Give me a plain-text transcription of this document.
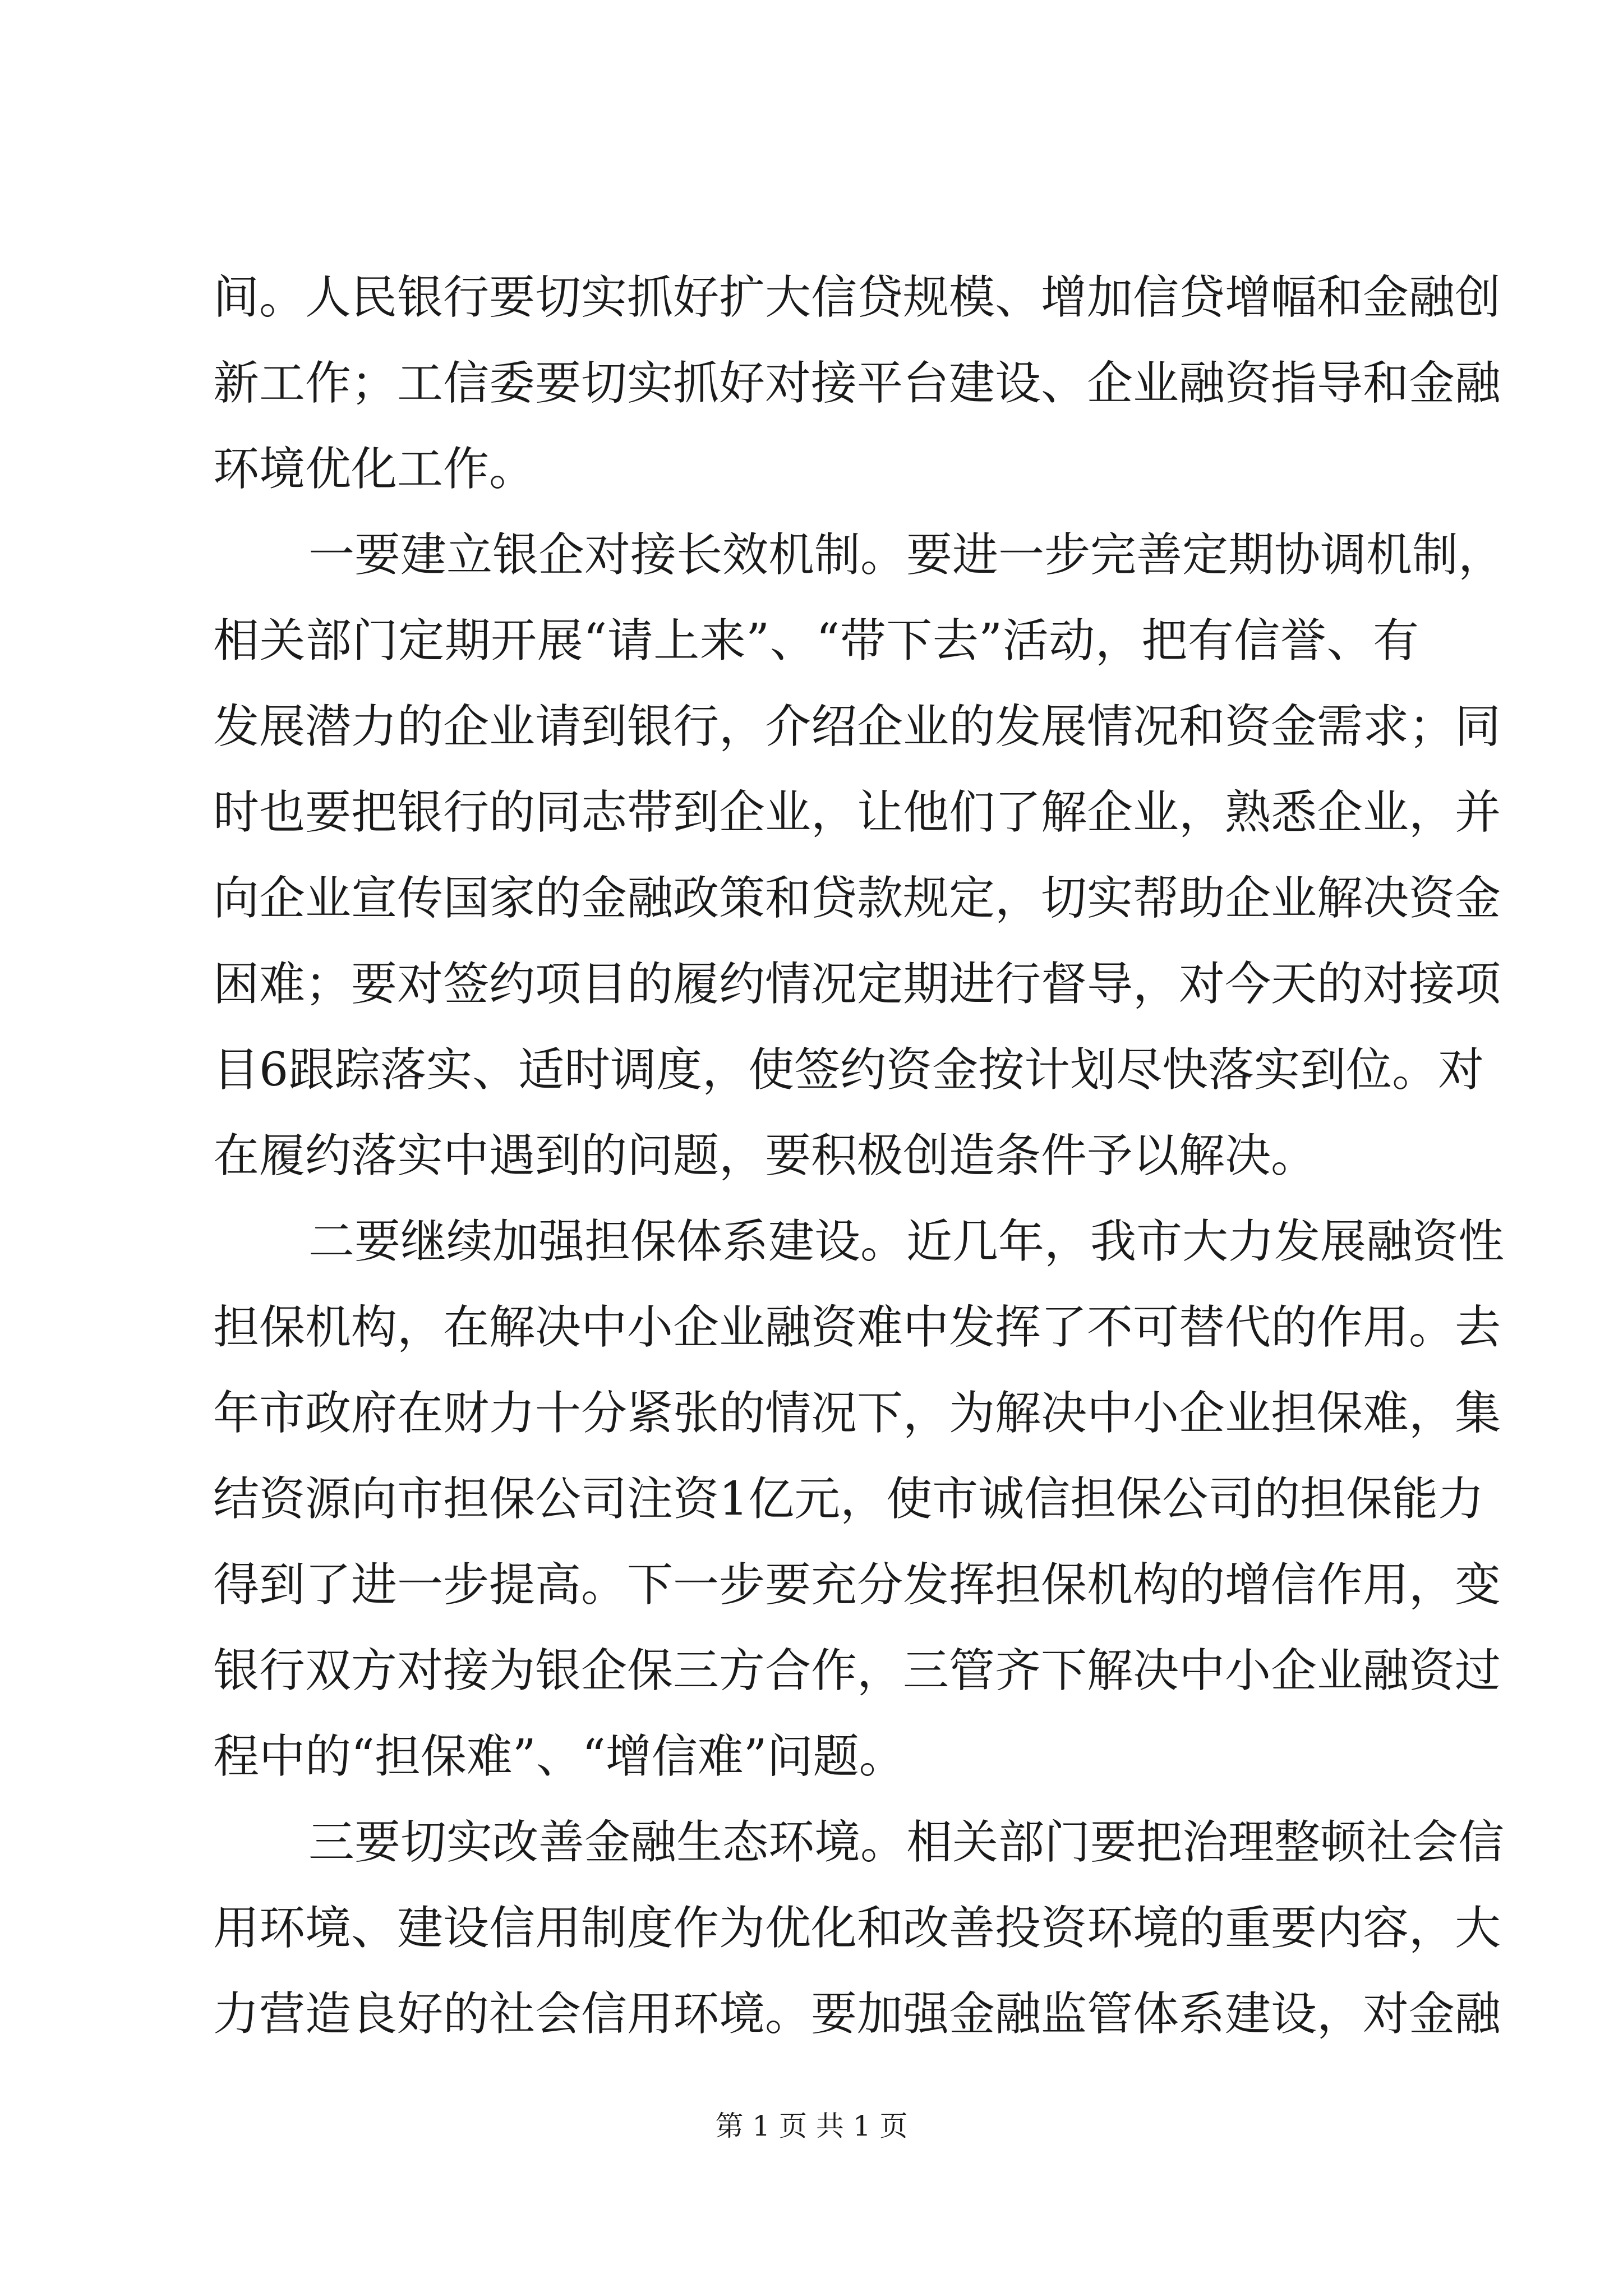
间。人民银行要切实抓好扩大信贷规模、增加信贷增幅和金融创
新工作；工信委要切实抓好对接平台建设、企业融资指导和金融
环境优化工作。
一要建立银企对接长效机制。要进一步完善定期协调机制，
相关部门定期开展“请上来”、“带下去”活动，把有信誉、有
发展潜力的企业请到银行，介绍企业的发展情况和资金需求；同
时也要把银行的同志带到企业，让他们了解企业，熟悉企业，并
向企业宣传国家的金融政策和贷款规定，切实帮助企业解决资金
困难；要对签约项目的履约情况定期进行督导，对今天的对接项
目6跟踪落实、适时调度，使签约资金按计划尽快落实到位。对
在履约落实中遇到的问题，要积极创造条件予以解决。
二要继续加强担保体系建设。近几年，我市大力发展融资性
担保机构，在解决中小企业融资难中发挥了不可替代的作用。去
年市政府在财力十分紧张的情况下，为解决中小企业担保难，集
结资源向市担保公司注资1亿元，使市诚信担保公司的担保能力
得到了进一步提高。下一步要充分发挥担保机构的增信作用，变
银行双方对接为银企保三方合作，三管齐下解决中小企业融资过
程中的“担保难”、“增信难”问题。
三要切实改善金融生态环境。相关部门要把治理整顿社会信
用环境、建设信用制度作为优化和改善投资环境的重要内容，大
力营造良好的社会信用环境。要加强金融监管体系建设，对金融
第 1 页 共 1 页
